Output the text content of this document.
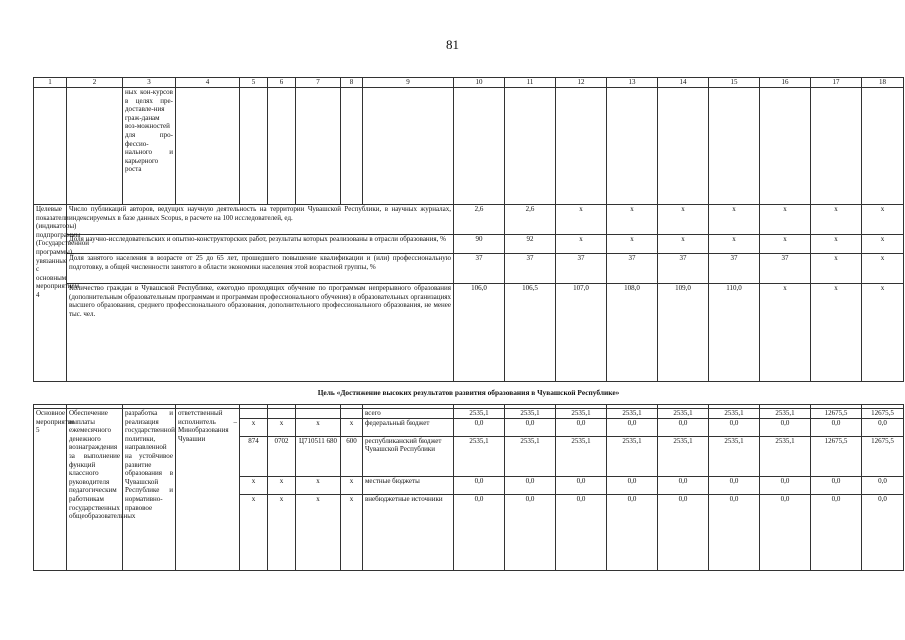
81
1	2	3	4	5	6	7	8	9	10	11	12	13	14	15	16	17	18
		ных кон-курсов в целях пре-доставле-ния граж-данам воз-можностей для про-фессио-нального и карьерного роста															
Целевые показатели (индикаторы) подпрограммы (Государственной программы), увязанные с основным мероприятием 4	Число публикаций авторов, ведущих научную деятельность на территории Чувашской Республики, в научных журналах, индексируемых в базе данных Scopus, в расчете на 100 исследователей, ед.								2,6	2,6	x	x	x	x	x	x	x
	Доля научно-исследовательских и опытно-конструкторских работ, результаты которых реализованы в отрасли образования, %								90	92	x	x	x	x	x	x	x
	Доля занятого населения в возрасте от 25 до 65 лет, прошедшего повышение квалификации и (или) профессиональную подготовку, в общей численности занятого в области экономики населения этой возрастной группы, %								37	37	37	37	37	37	37	x	x
	Количество граждан в Чувашской Республике, ежегодно проходящих обучение по программам непрерывного образования (дополнительным образовательным программам и программам профессионального обучения) в образовательных организациях высшего образования, среднего профессионального образования, дополнительного профессионального образования, не менее тыс. чел.								106,0	106,5	107,0	108,0	109,0	110,0	x	x	x
Цель «Достижение высоких результатов развития образования в Чувашской Республике»																	

Основное мероприятие 5	Обеспечение выплаты ежемесячного денежного вознаграждения за выполнение функций классного руководителя педагогическим работникам государственных общеобразовательных	разработка и реализация государственной политики, направленной на устойчивое развитие образования в Чувашской Республике и нормативно-правовое	ответственный исполнитель – Минобразования Чувашии					всего	2535,1	2535,1	2535,1	2535,1	2535,1	2535,1	2535,1	12675,5	12675,5
				x	x	x	x	федеральный бюджет	0,0	0,0	0,0	0,0	0,0	0,0	0,0	0,0	0,0
				874	0702	Ц710511 680	600	республиканский бюджет Чувашской Республики	2535,1	2535,1	2535,1	2535,1	2535,1	2535,1	2535,1	12675,5	12675,5
				x	x	x	x	местные бюджеты	0,0	0,0	0,0	0,0	0,0	0,0	0,0	0,0	0,0
				x	x	x	x	внебюджетные источники	0,0	0,0	0,0	0,0	0,0	0,0	0,0	0,0	0,0
